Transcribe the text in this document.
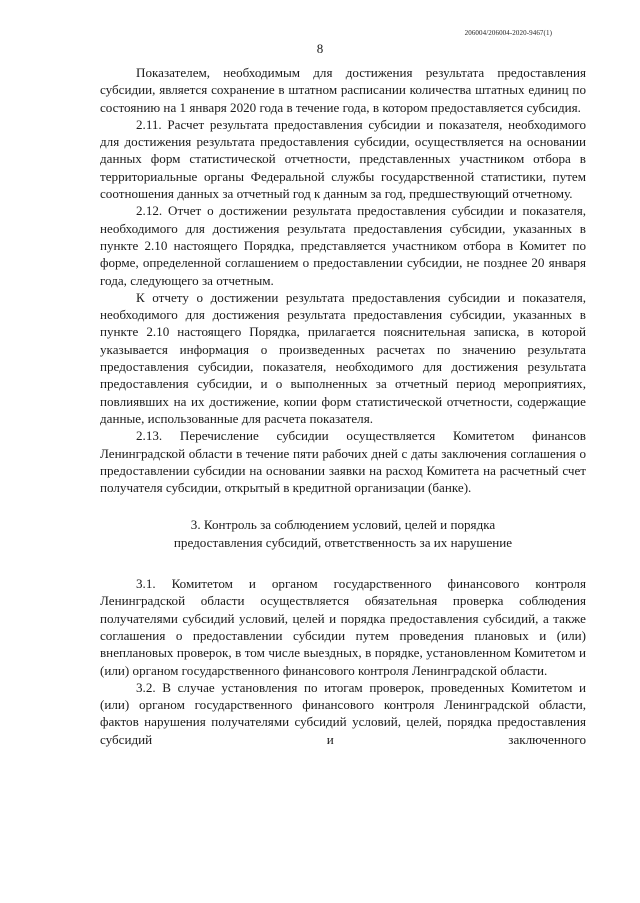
206004/206004-2020-9467(1)
8

Показателем, необходимым для достижения результата предоставления субсидии, является сохранение в штатном расписании количества штатных единиц по состоянию на 1 января 2020 года в течение года, в котором предоставляется субсидия.

2.11. Расчет результата предоставления субсидии и показателя, необходимого для достижения результата предоставления субсидии, осуществляется на основании данных форм статистической отчетности, представленных участником отбора в территориальные органы Федеральной службы государственной статистики, путем соотношения данных за отчетный год к данным за год, предшествующий отчетному.

2.12. Отчет о достижении результата предоставления субсидии и показателя, необходимого для достижения результата предоставления субсидии, указанных в пункте 2.10 настоящего Порядка, представляется участником отбора в Комитет по форме, определенной соглашением о предоставлении субсидии, не позднее 20 января года, следующего за отчетным.

К отчету о достижении результата предоставления субсидии и показателя, необходимого для достижения результата предоставления субсидии, указанных в пункте 2.10 настоящего Порядка, прилагается пояснительная записка, в которой указывается информация о произведенных расчетах по значению результата предоставления субсидии, показателя, необходимого для достижения результата предоставления субсидии, и о выполненных за отчетный период мероприятиях, повлиявших на их достижение, копии форм статистической отчетности, содержащие данные, использованные для расчета показателя.

2.13. Перечисление субсидии осуществляется Комитетом финансов Ленинградской области в течение пяти рабочих дней с даты заключения соглашения о предоставлении субсидии на основании заявки на расход Комитета на расчетный счет получателя субсидии, открытый в кредитной организации (банке).

3. Контроль за соблюдением условий, целей и порядка
предоставления субсидий, ответственность за их нарушение

3.1. Комитетом и органом государственного финансового контроля Ленинградской области осуществляется обязательная проверка соблюдения получателями субсидий условий, целей и порядка предоставления субсидий, а также соглашения о предоставлении субсидии путем проведения плановых и (или) внеплановых проверок, в том числе выездных, в порядке, установленном Комитетом и (или) органом государственного финансового контроля Ленинградской области.

3.2. В случае установления по итогам проверок, проведенных Комитетом и (или) органом государственного финансового контроля Ленинградской области, фактов нарушения получателями субсидий условий, целей, порядка предоставления субсидий и заключенного
